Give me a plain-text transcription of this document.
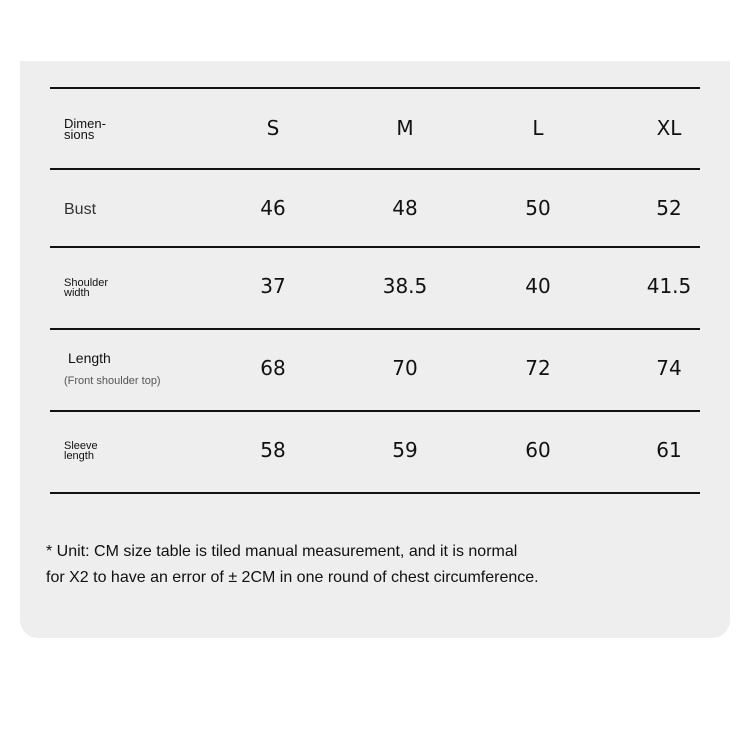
Dimen-
sions	S	M	L	XL
Bust	46	48	50	52
Shoulder
width	37	38.5	40	41.5
Length
(Front shoulder top)
68	70	72	74
Sleeve
length	58	59	60	61
* Unit: CM size table is tiled manual measurement, and it is normal
for X2 to have an error of ± 2CM in one round of chest circumference.
